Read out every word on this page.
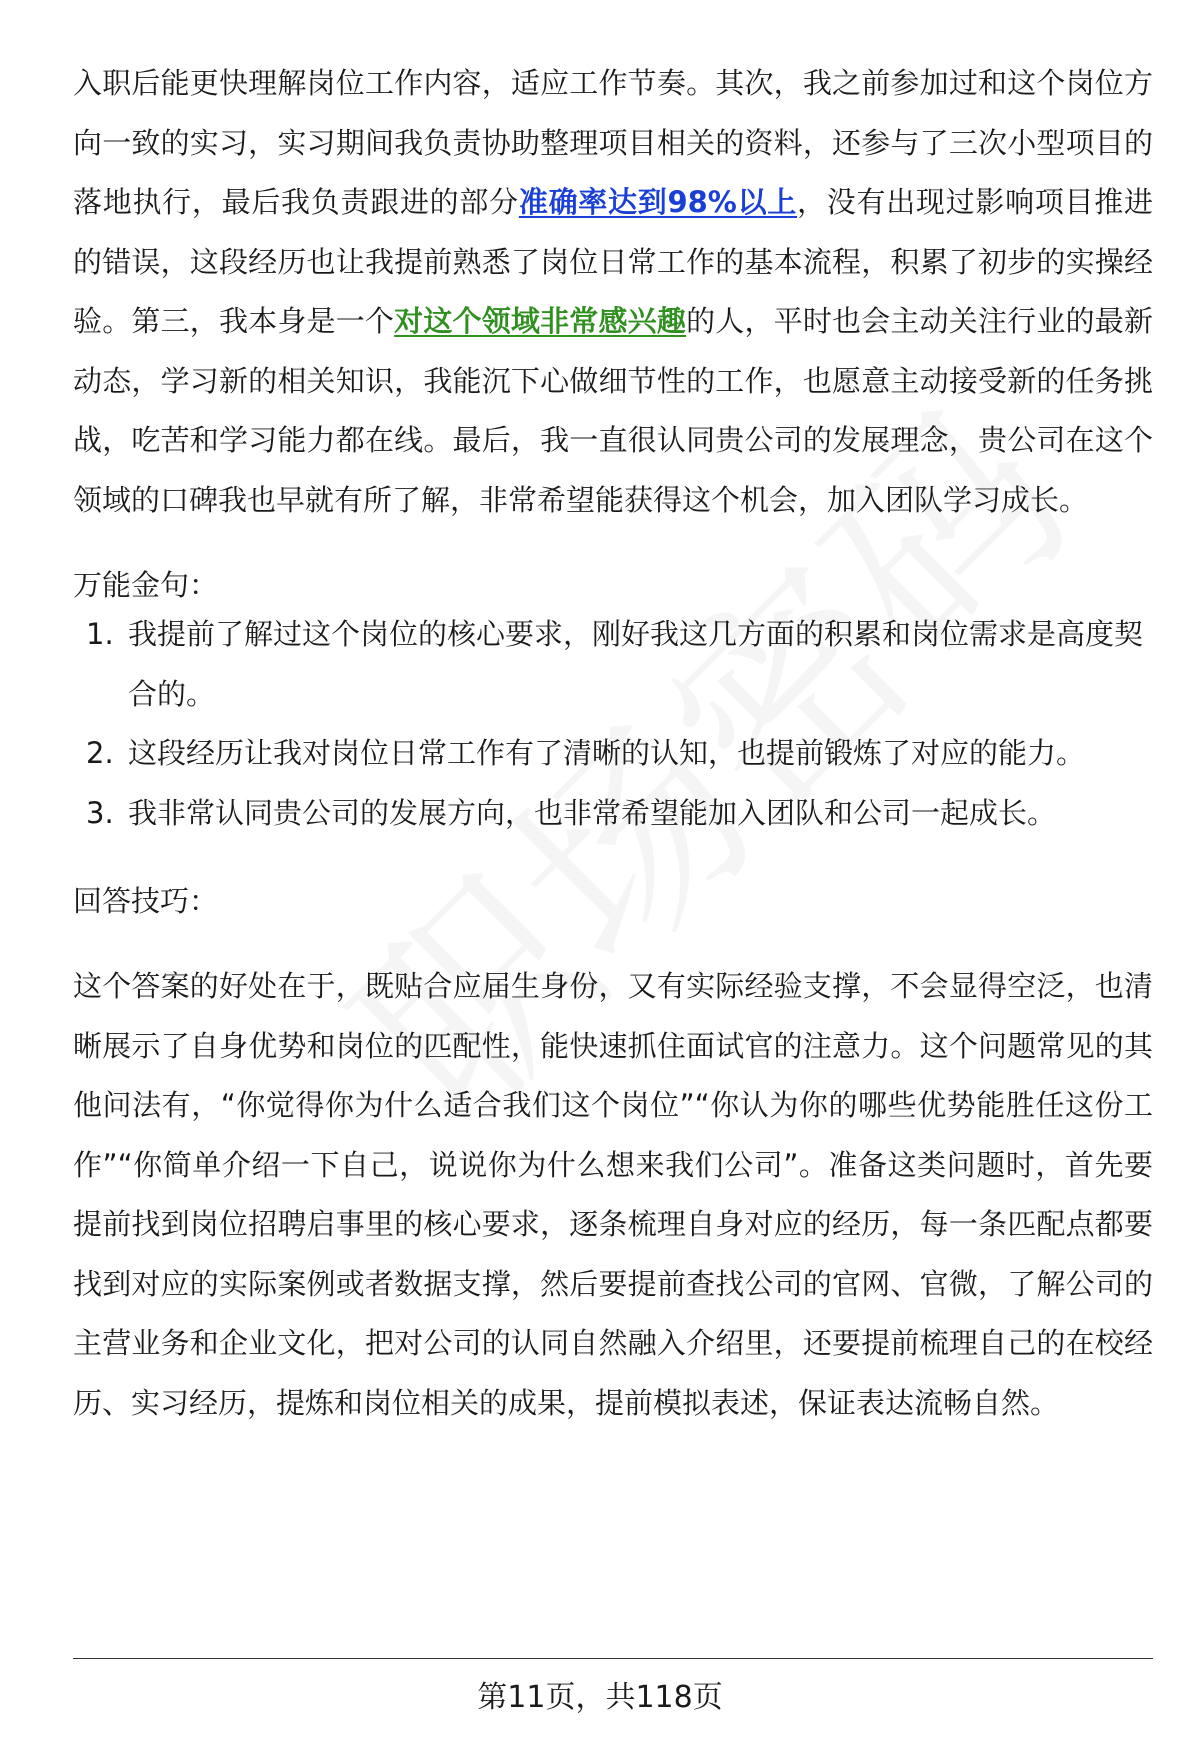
入职后能更快理解岗位工作内容，适应工作节奏。其次，我之前参加过和这个岗位方向一致的实习，实习期间我负责协助整理项目相关的资料，还参与了三次小型项目的落地执行，最后我负责跟进的部分准确率达到98%以上，没有出现过影响项目推进的错误，这段经历也让我提前熟悉了岗位日常工作的基本流程，积累了初步的实操经验。第三，我本身是一个对这个领域非常感兴趣的人，平时也会主动关注行业的最新动态，学习新的相关知识，我能沉下心做细节性的工作，也愿意主动接受新的任务挑战，吃苦和学习能力都在线。最后，我一直很认同贵公司的发展理念，贵公司在这个领域的口碑我也早就有所了解，非常希望能获得这个机会，加入团队学习成长。

万能金句：

1. 我提前了解过这个岗位的核心要求，刚好我这几方面的积累和岗位需求是高度契合的。
2. 这段经历让我对岗位日常工作有了清晰的认知，也提前锻炼了对应的能力。
3. 我非常认同贵公司的发展方向，也非常希望能加入团队和公司一起成长。

回答技巧：

这个答案的好处在于，既贴合应届生身份，又有实际经验支撑，不会显得空泛，也清晰展示了自身优势和岗位的匹配性，能快速抓住面试官的注意力。这个问题常见的其他问法有，“你觉得你为什么适合我们这个岗位”“你认为你的哪些优势能胜任这份工作”“你简单介绍一下自己，说说你为什么想来我们公司”。准备这类问题时，首先要提前找到岗位招聘启事里的核心要求，逐条梳理自身对应的经历，每一条匹配点都要找到对应的实际案例或者数据支撑，然后要提前查找公司的官网、官微，了解公司的主营业务和企业文化，把对公司的认同自然融入介绍里，还要提前梳理自己的在校经历、实习经历，提炼和岗位相关的成果，提前模拟表述，保证表达流畅自然。

第11页，共118页
